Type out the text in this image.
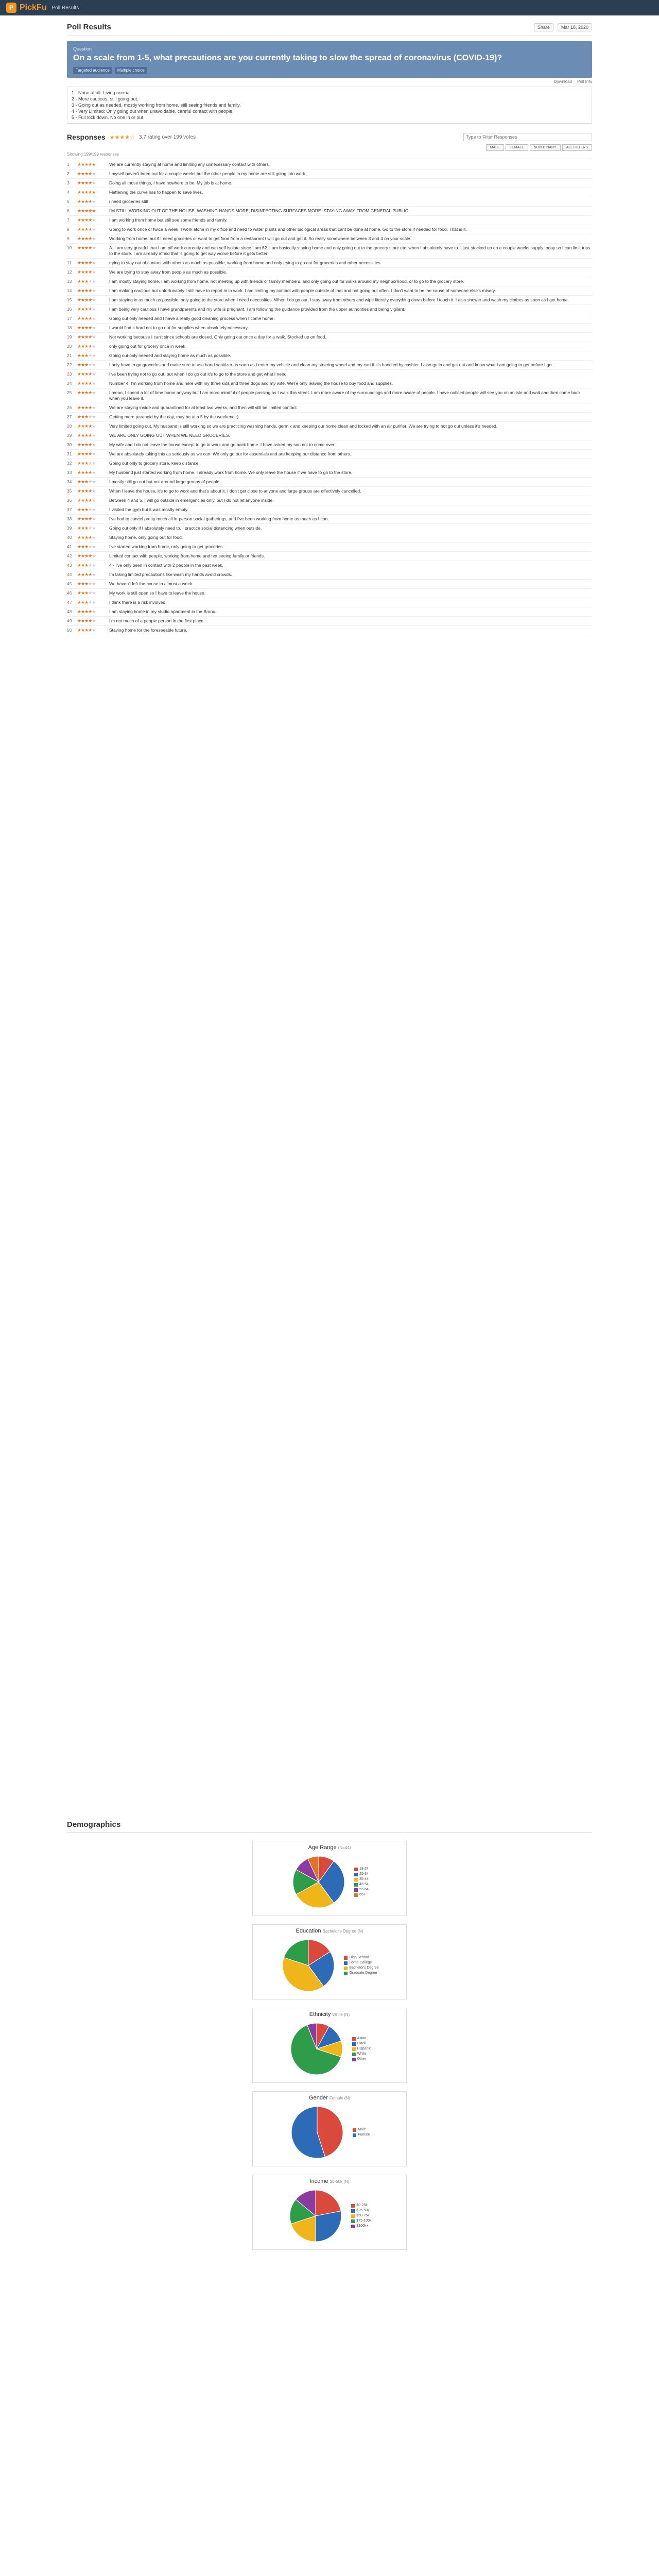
P PickFu Poll Results
Poll Results	Share	Mar 18, 2020
Question
On a scale from 1-5, what precautions are you currently taking to slow the spread of coronavirus (COVID-19)?
Targeted audience	Multiple choice
Download Poll Info
1 - None at all. Living normal.
2 - More cautious, still going out.
3 - Going out as needed, mostly working from home, still seeing friends and family.
4 - Very Limited: Only going out when unavoidable, careful contact with people.
5 - Full lock down. No one in or out.
Responses ★★★★☆ 3.7 rating over 199 votes
Type to Filter Responses
MALE	FEMALE	NON-BINARY	ALL FILTERS
Showing 199/199 responses
1	★★★★★	We are currently staying at home and limiting any unnecessary contact with others.
2	★★★★★	I myself haven't been out for a couple weeks but the other people in my home are still going into work.
3	★★★★★	Doing all those things, I have nowhere to be. My job is at home.
4	★★★★★	Flattening the curve has to happen to save lives.
5	★★★★★	i need groceries still
6	★★★★★	I'M STILL WORKING OUT OF THE HOUSE. WASHING HANDS MORE, DISINFECTING SURFACES MORE. STAYING AWAY FROM GENERAL PUBLIC.
7	★★★★★	I am working from home but still see some friends and family.
8	★★★★★	Going to work once or twice a week. I work alone in my office and need to water plants and other biological areas that cant be done at home. Go to the store if needed for food. That is it.
9	★★★★★	Working from home, but if I need groceries or want to get food from a restaurant I will go out and get it. So really somewhere between 3 and 4 on your scale.
10	★★★★★	A. I am very greatful that I am off work currently and can self isolate since I am 62. I am basically staying home and only going out to the grocery store etc. when I absolutely have to. I just stocked up on a couple weeks supply today so I can limit trips to the store. I am already afraid that is going to get way worse before it gets better.
11	★★★★★	trying to stay out of contact with others as much as possible, working from home and only trying to go out for groceries and other necessities.
12	★★★★★	We are trying to stay away from people as much as possible.
13	★★★★★	I am mostly staying home. I am working from home, not meeting up with friends or family members, and only going out for walks around my neighborhood, or to go to the grocery store.
14	★★★★★	I am making cautious but unfortunately I still have to report in to work. I am limiting my contact with people outside of that and not going out often. I don't want to be the cause of someone else's misery.
15	★★★★★	I am staying in as much as possible, only going to the store when I need necessities. When I do go out, I stay away from others and wipe literally everything down before I touch it. I also shower and wash my clothes as soon as I get home.
16	★★★★★	I am being very cautious I have grandparents and my wife is pregnant. I am following the guidance provided from the upper authorities and being vigilant.
17	★★★★★	Going out only needed and I have a really good cleaning process when I come home.
18	★★★★★	I would find it hard not to go out for supplies when absolutely necessary.
19	★★★★★	Not working because I can't since schools are closed. Only going out once a day for a walk. Stocked up on food.
20	★★★★★	only going out for grocery once in week
21	★★★★★	Going out only needed and staying home as much as possible.
22	★★★★★	I only have to go groceries and make sure to use hand sanitizer as soon as I enter my vehicle and clean my steering wheel and my cart if it's handled by cashier. I also go in and get out and know what I am going to get before I go.
23	★★★★★	I've been trying not to go out, but when I do go out it's to go to the store and get what I need.
24	★★★★★	Number 4. I'm working from home and here with my three kids and three dogs and my wife. We're only leaving the house to buy food and supplies.
25	★★★★★	I mean, I spend a lot of time home anyway but I am more mindful of people passing as I walk this street. I am more aware of my surroundings and more aware of people. I have noticed people will see you on an isle and wait and then come back when you leave it.
26	★★★★★	We are staying inside and quarantined for at least two weeks, and then will still be limited contact
27	★★★★★	Getting more paranoid by the day, may be at a 5 by the weekend :)
28	★★★★★	Very limited going out. My husband is still working so we are practicing washing hands, germ x and keeping our home clean and locked with an air purifier. We are trying to not go out unless it's needed.
29	★★★★★	WE ARE ONLY GOING OUT WHEN WE NEED GROCERIES.
30	★★★★★	My wife and I do not leave the house except to go to work and go back home. I have asked my son not to come over.
31	★★★★★	We are absolutely taking this as seriously as we can. We only go out for essentials and are keeping our distance from others.
32	★★★★★	Going out only to grocery store, keep distance.
33	★★★★★	My husband just started working from home. I already work from home. We only leave the house if we have to go to the store.
34	★★★★★	I mostly still go out but not around large groups of people.
35	★★★★★	When I leave the house, it's to go to work and that's about it. I don't get close to anyone and large groups are effectively cancelled.
36	★★★★★	Between 4 and 5. I will go outside in emergencies only, but I do not let anyone inside.
37	★★★★★	I visited the gym but it was mostly empty.
38	★★★★★	I've had to cancel pretty much all in-person social gatherings, and I've been working from home as much as I can.
39	★★★★★	Going out only if I absolutely need to. I practice social distancing when outside.
40	★★★★★	Staying home, only going out for food.
41	★★★★★	I've started working from home, only going to get groceries.
42	★★★★★	Limited contact with people, working from home and not seeing family or friends.
43	★★★★★	4 - I've only been in contact with 2 people in the past week.
44	★★★★★	Im taking limited precautions like wash my hands avoid crowds.
45	★★★★★	We haven't left the house in almost a week.
46	★★★★★	My work is still open so I have to leave the house.
47	★★★★★	I think there is a risk involved.
48	★★★★★	I am staying home in my studio apartment in the Bronx.
49	★★★★★	I'm not much of a people person in the first place.
50	★★★★★	Staying home for the foreseeable future.
Demographics
Age Range (N=44)
18-24
25-34
35-44
45-54
55-64
65+
Education Bachelor's Degree (N)
High School
Some College
Bachelor's Degree
Graduate Degree
Ethnicity White (N)
Asian
Black
Hispanic
White
Other
Gender Female (N)
Male
Female
Income $0-50k (N)
$0-25k
$25-50k
$50-75k
$75-100k
$100k+
